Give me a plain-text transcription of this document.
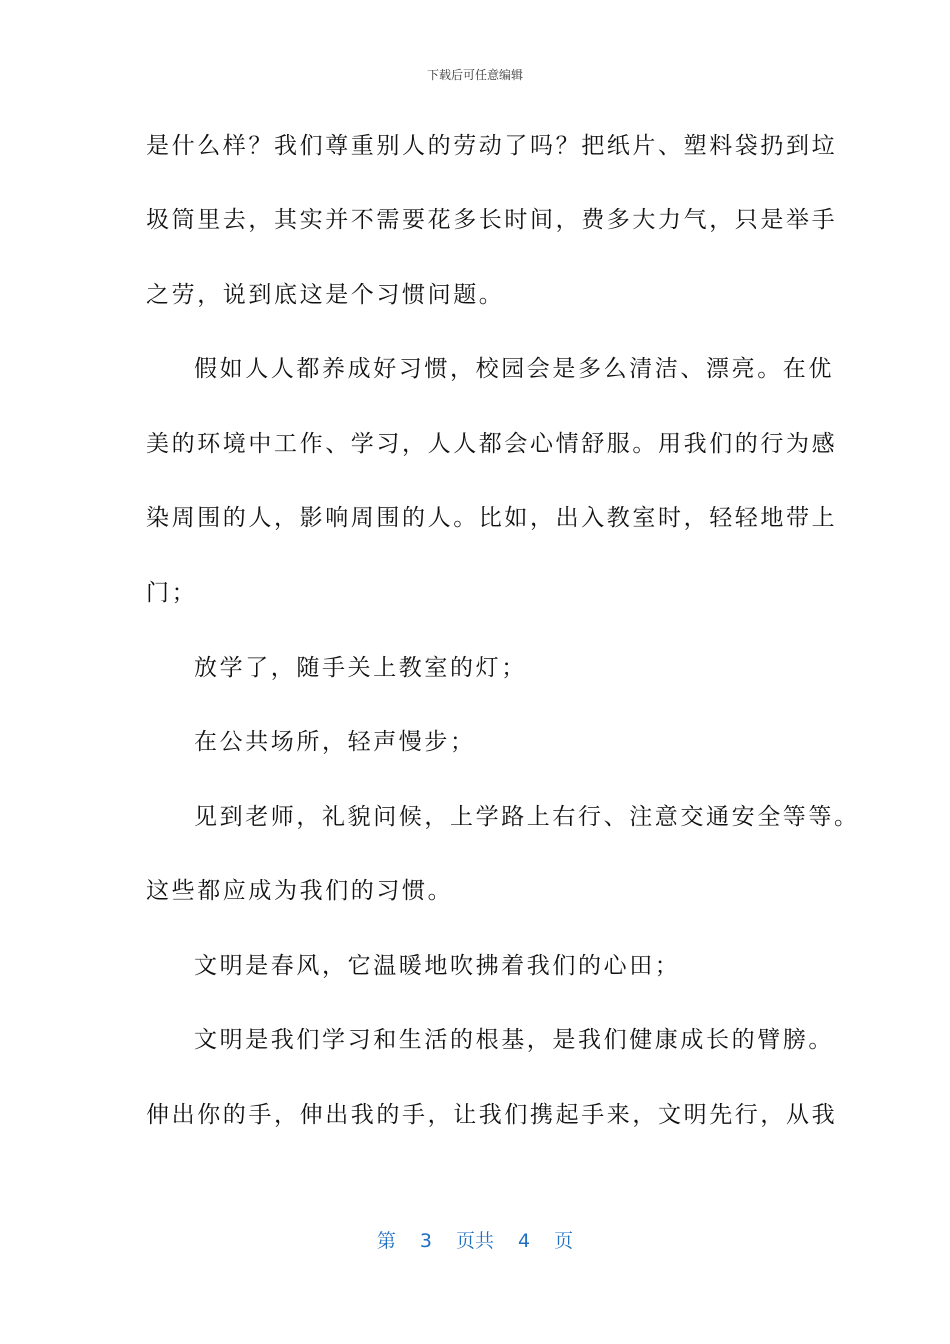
下载后可任意编辑
是什么样？我们尊重别人的劳动了吗？把纸片、塑料袋扔到垃
圾筒里去，其实并不需要花多长时间，费多大力气，只是举手
之劳，说到底这是个习惯问题。
假如人人都养成好习惯，校园会是多么清洁、漂亮。在优
美的环境中工作、学习，人人都会心情舒服。用我们的行为感
染周围的人，影响周围的人。比如，出入教室时，轻轻地带上
门；
放学了，随手关上教室的灯；
在公共场所，轻声慢步；
见到老师，礼貌问候，上学路上右行、注意交通安全等等。
这些都应成为我们的习惯。
文明是春风，它温暖地吹拂着我们的心田；
文明是我们学习和生活的根基，是我们健康成长的臂膀。
伸出你的手，伸出我的手，让我们携起手来，文明先行，从我
第 3 页共 4 页
